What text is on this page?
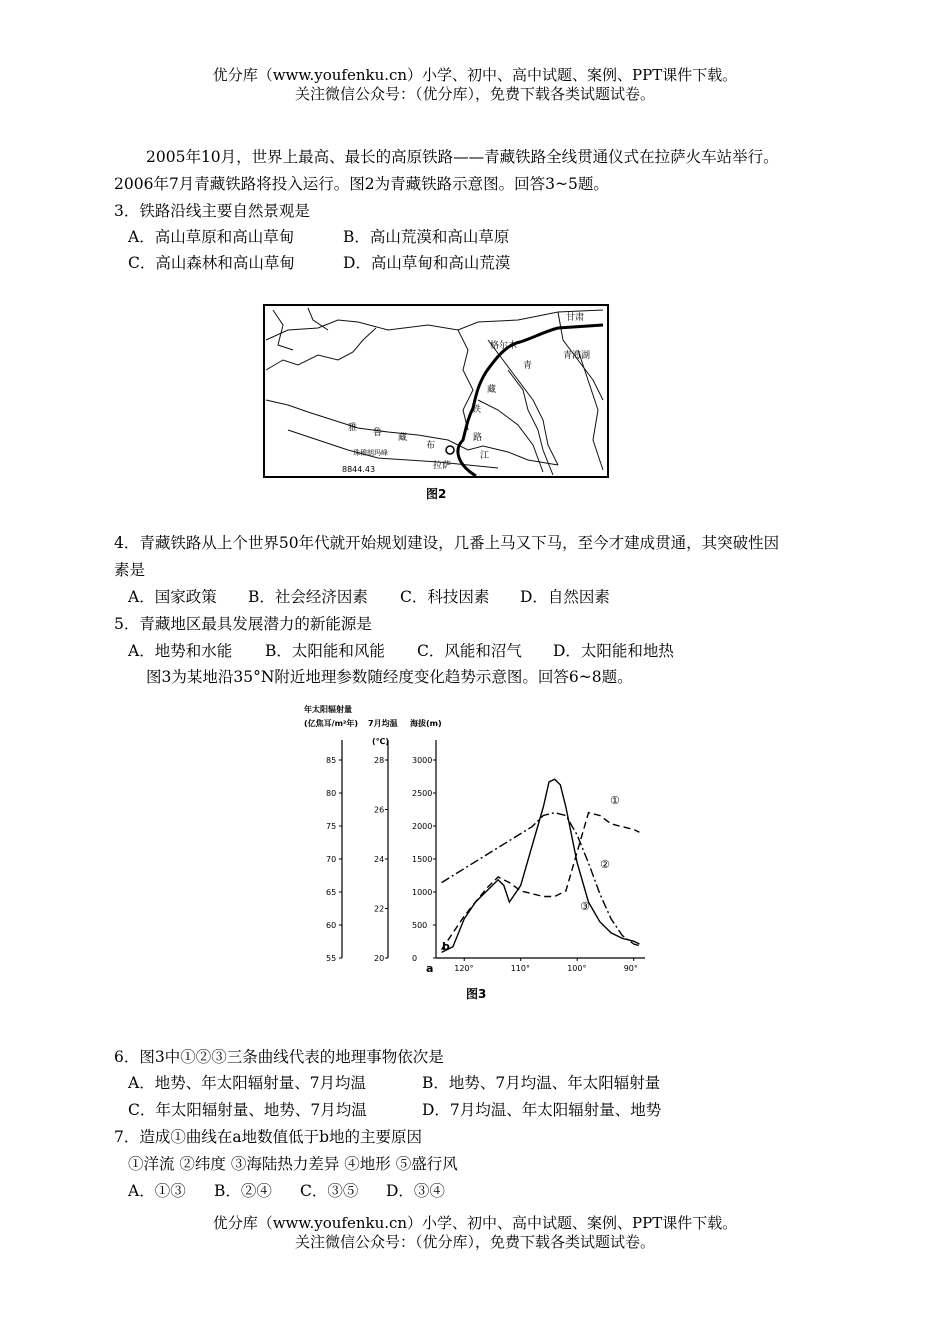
优分库（www.youfenku.cn）小学、初中、高中试题、案例、PPT课件下载。
关注微信公众号：（优分库），免费下载各类试题试卷。
2005年10月，世界上最高、最长的高原铁路——青藏铁路全线贯通仪式在拉萨火车站举行。
2006年7月青藏铁路将投入运行。图2为青藏铁路示意图。回答3~5题。
3．铁路沿线主要自然景观是
A．高山草原和高山草甸	B．高山荒漠和高山草原
C．高山森林和高山草甸	D．高山草甸和高山荒漠
甘肃
格尔木
青海湖
青
藏
铁
路
拉萨
江
雅 鲁 藏
布
珠穆朗玛峰
8844.43
图2
4．青藏铁路从上个世界50年代就开始规划建设，几番上马又下马，至今才建成贯通，其突破性因
素是
A．国家政策 B．社会经济因素 C．科技因素 D．自然因素
5．青藏地区最具发展潜力的新能源是
A．地势和水能 B．太阳能和风能 C．风能和沼气 D．太阳能和地热
图3为某地沿35°N附近地理参数随经度变化趋势示意图。回答6~8题。
年太阳辐射量
(亿焦耳/m²年) 7月均温
(℃)
海拔(m)
85
80
75
70
65
60
55
28
26
24
22
20
3000
2500
2000
1500
1000
500
0
120°	110°	100°	90°
①
②
③
a
b
图3
6．图3中①②③三条曲线代表的地理事物依次是
A．地势、年太阳辐射量、7月均温	B．地势、7月均温、年太阳辐射量
C．年太阳辐射量、地势、7月均温	D．7月均温、年太阳辐射量、地势
7．造成①曲线在a地数值低于b地的主要原因
①洋流 ②纬度 ③海陆热力差异 ④地形 ⑤盛行风
A．①③ B．②④ C．③⑤ D．③④
优分库（www.youfenku.cn）小学、初中、高中试题、案例、PPT课件下载。
关注微信公众号：（优分库），免费下载各类试题试卷。
